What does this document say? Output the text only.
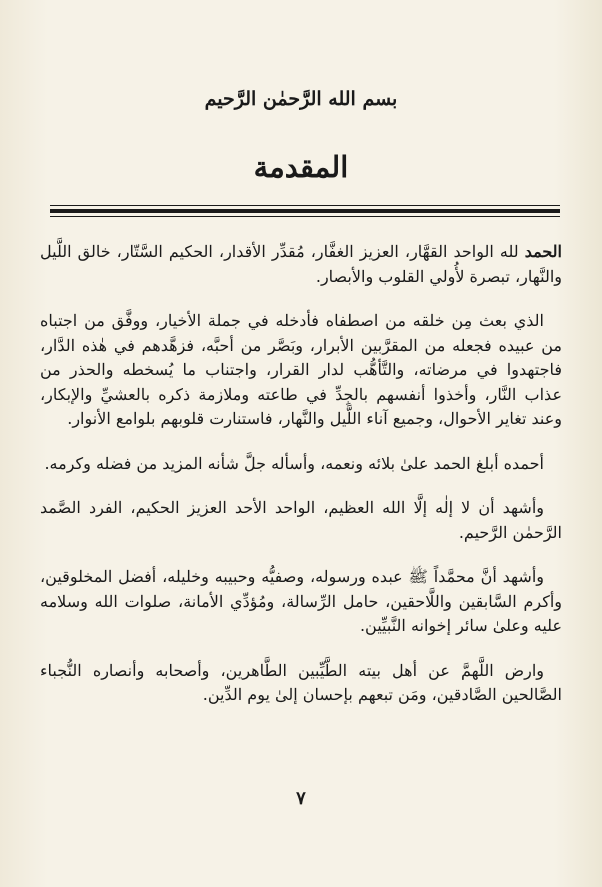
بسم الله الرَّحمٰن الرَّحيم
المقدمة

الحمد لله الواحد القهَّار، العزيز الغفَّار، مُقدِّر الأقدار، الحكيم السَّتّار، خالق اللَّيل والنَّهار، تبصرة لأُولي القلوب والأبصار.

الذي بعث مِن خلقه من اصطفاه فأدخله في جملة الأخيار، ووفَّق من اجتباه من عبيده فجعله من المقرَّبين الأبرار، وبَصَّر من أحبَّه، فزهَّدهم في هٰذه الدَّار، فاجتهدوا في مرضاته، والتَّأهُّب لدار القرار، واجتناب ما يُسخطه والحذر من عذاب النَّار، وأخذوا أنفسهم بالجِدِّ في طاعته وملازمة ذكره بالعشيِّ والإبكار، وعند تغاير الأحوال، وجميع آناء اللَّيل والنَّهار، فاستنارت قلوبهم بلوامع الأنوار.

أحمده أبلغ الحمد علىٰ بلائه ونعمه، وأسأله جلَّ شأنه المزيد من فضله وكرمه.

وأشهد أن لا إلٰه إلَّا الله العظيم، الواحد الأحد العزيز الحكيم، الفرد الصَّمد الرَّحمٰن الرَّحيم.

وأشهد أنَّ محمَّداً ﷺ عبده ورسوله، وصفيُّه وحبيبه وخليله، أفضل المخلوقين، وأكرم السَّابقين واللَّاحقين، حامل الرِّسالة، ومُؤدِّي الأمانة، صلوات الله وسلامه عليه وعلىٰ سائر إخوانه النَّبيِّين.

وارض اللَّهمَّ عن أهل بيته الطَّيِّبين الطَّاهرين، وأصحابه وأنصاره النُّجباء الصَّالحين الصَّادقين، ومَن تبعهم بإحسان إلىٰ يوم الدِّين.

٧
